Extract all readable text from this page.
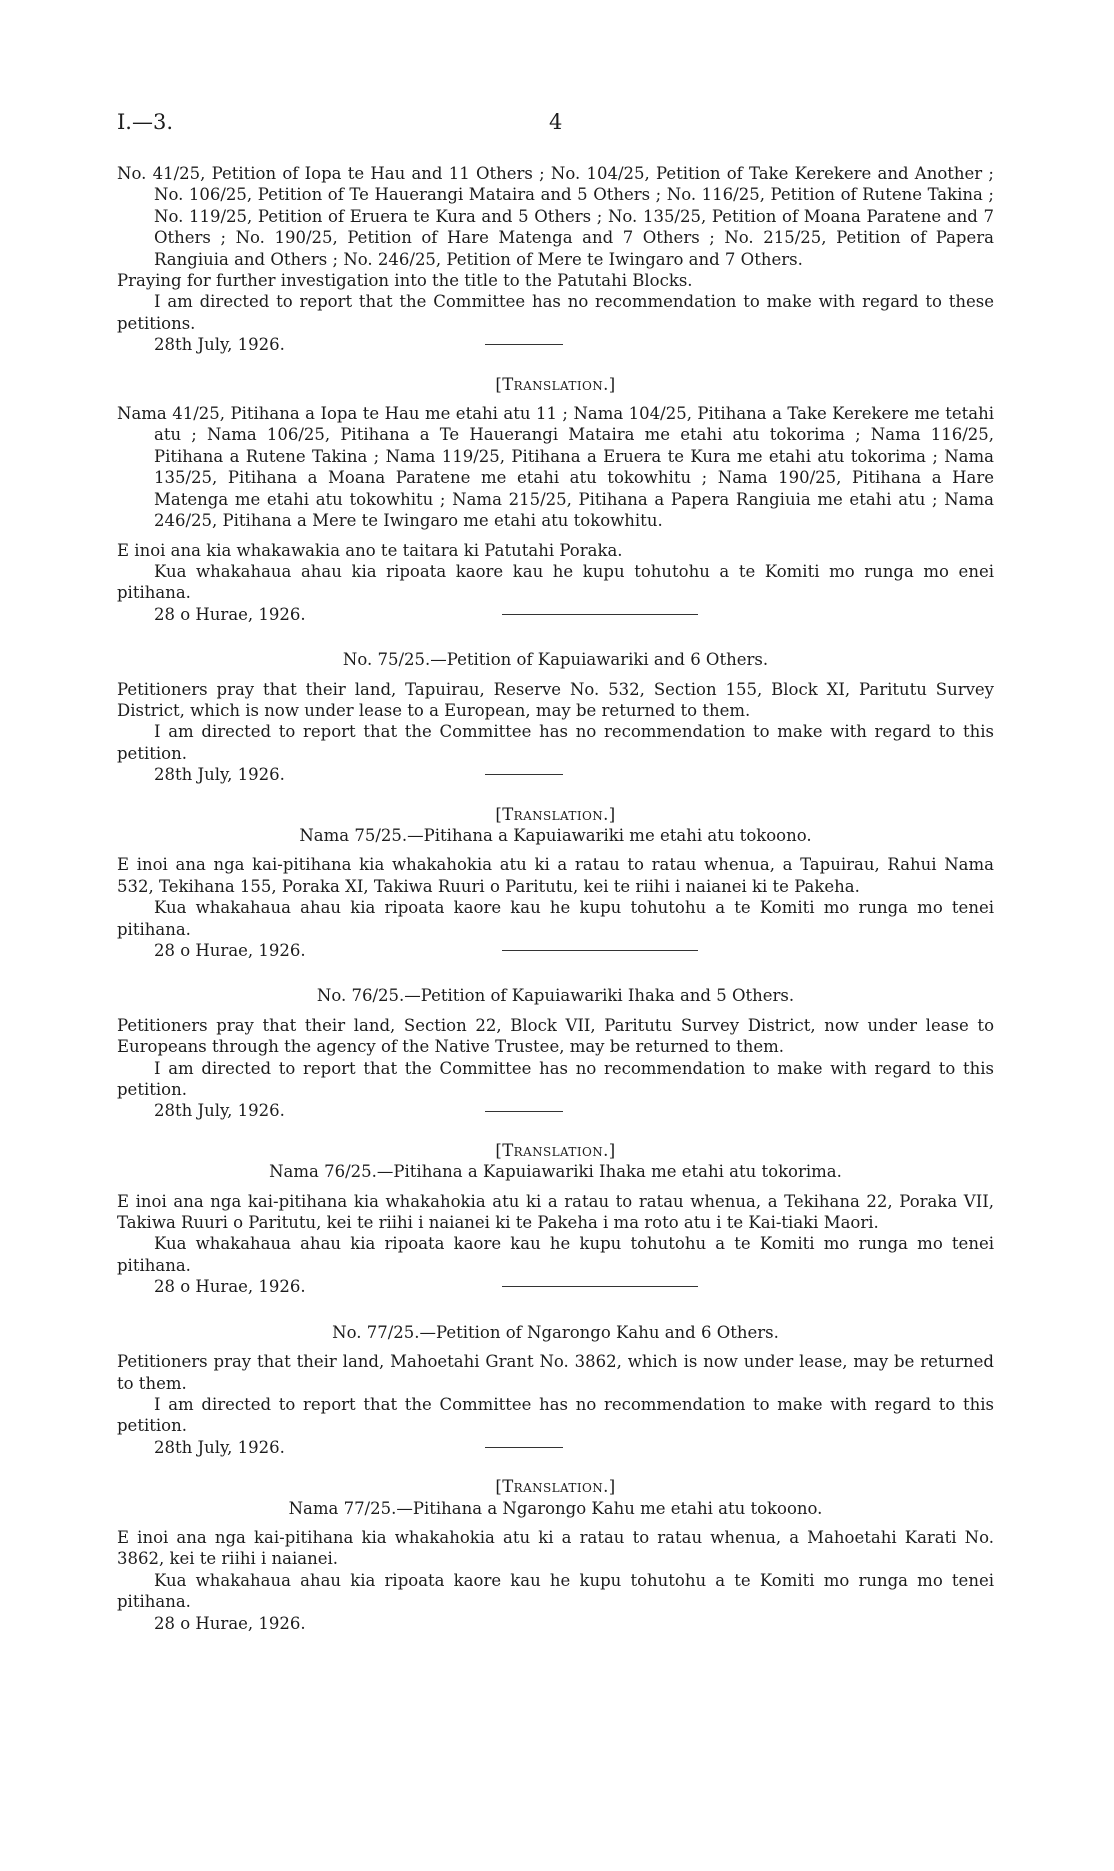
I.—3.	4

No. 41/25, Petition of Iopa te Hau and 11 Others ; No. 104/25, Petition of Take Kerekere and Another ; No. 106/25, Petition of Te Hauerangi Mataira and 5 Others ; No. 116/25, Petition of Rutene Takina ; No. 119/25, Petition of Eruera te Kura and 5 Others ; No. 135/25, Petition of Moana Paratene and 7 Others ; No. 190/25, Petition of Hare Matenga and 7 Others ; No. 215/25, Petition of Papera Rangiuia and Others ; No. 246/25, Petition of Mere te Iwingaro and 7 Others.

Praying for further investigation into the title to the Patutahi Blocks.

I am directed to report that the Committee has no recommendation to make with regard to these petitions.

28th July, 1926.

[Translation.]

Nama 41/25, Pitihana a Iopa te Hau me etahi atu 11 ; Nama 104/25, Pitihana a Take Kerekere me tetahi atu ; Nama 106/25, Pitihana a Te Hauerangi Mataira me etahi atu tokorima ; Nama 116/25, Pitihana a Rutene Takina ; Nama 119/25, Pitihana a Eruera te Kura me etahi atu tokorima ; Nama 135/25, Pitihana a Moana Paratene me etahi atu tokowhitu ; Nama 190/25, Pitihana a Hare Matenga me etahi atu tokowhitu ; Nama 215/25, Pitihana a Papera Rangiuia me etahi atu ; Nama 246/25, Pitihana a Mere te Iwingaro me etahi atu tokowhitu.

E inoi ana kia whakawakia ano te taitara ki Patutahi Poraka.

Kua whakahaua ahau kia ripoata kaore kau he kupu tohutohu a te Komiti mo runga mo enei pitihana.

28 o Hurae, 1926.

No. 75/25.—Petition of Kapuiawariki and 6 Others.

Petitioners pray that their land, Tapuirau, Reserve No. 532, Section 155, Block XI, Paritutu Survey District, which is now under lease to a European, may be returned to them.

I am directed to report that the Committee has no recommendation to make with regard to this petition.

28th July, 1926.

[Translation.]

Nama 75/25.—Pitihana a Kapuiawariki me etahi atu tokoono.

E inoi ana nga kai-pitihana kia whakahokia atu ki a ratau to ratau whenua, a Tapuirau, Rahui Nama 532, Tekihana 155, Poraka XI, Takiwa Ruuri o Paritutu, kei te riihi i naianei ki te Pakeha.

Kua whakahaua ahau kia ripoata kaore kau he kupu tohutohu a te Komiti mo runga mo tenei pitihana.

28 o Hurae, 1926.

No. 76/25.—Petition of Kapuiawariki Ihaka and 5 Others.

Petitioners pray that their land, Section 22, Block VII, Paritutu Survey District, now under lease to Europeans through the agency of the Native Trustee, may be returned to them.

I am directed to report that the Committee has no recommendation to make with regard to this petition.

28th July, 1926.

[Translation.]

Nama 76/25.—Pitihana a Kapuiawariki Ihaka me etahi atu tokorima.

E inoi ana nga kai-pitihana kia whakahokia atu ki a ratau to ratau whenua, a Tekihana 22, Poraka VII, Takiwa Ruuri o Paritutu, kei te riihi i naianei ki te Pakeha i ma roto atu i te Kai-tiaki Maori.

Kua whakahaua ahau kia ripoata kaore kau he kupu tohutohu a te Komiti mo runga mo tenei pitihana.

28 o Hurae, 1926.

No. 77/25.—Petition of Ngarongo Kahu and 6 Others.

Petitioners pray that their land, Mahoetahi Grant No. 3862, which is now under lease, may be returned to them.

I am directed to report that the Committee has no recommendation to make with regard to this petition.

28th July, 1926.

[Translation.]

Nama 77/25.—Pitihana a Ngarongo Kahu me etahi atu tokoono.

E inoi ana nga kai-pitihana kia whakahokia atu ki a ratau to ratau whenua, a Mahoetahi Karati No. 3862, kei te riihi i naianei.

Kua whakahaua ahau kia ripoata kaore kau he kupu tohutohu a te Komiti mo runga mo tenei pitihana.

28 o Hurae, 1926.
